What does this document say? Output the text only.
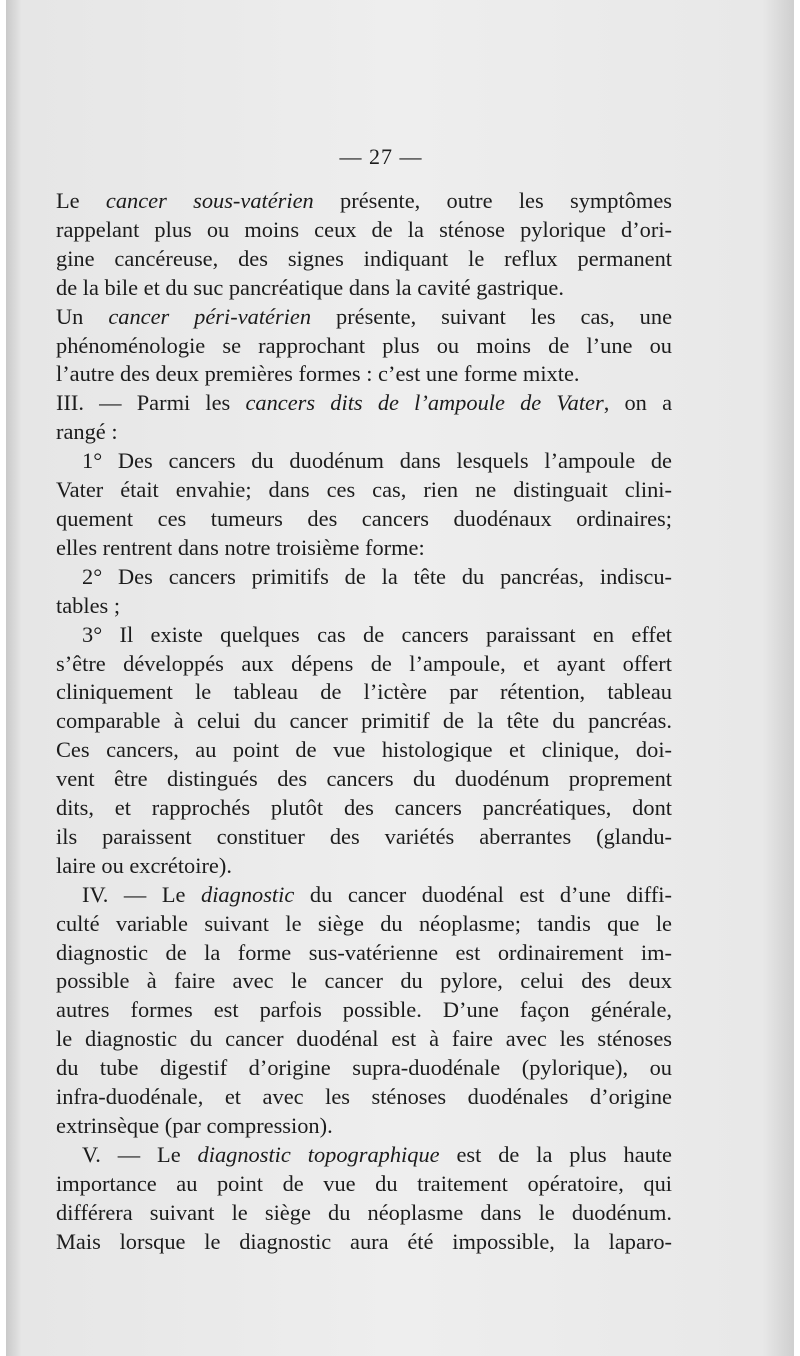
— 27 —

Le cancer sous-vatérien présente, outre les symptômes

rappelant plus ou moins ceux de la sténose pylorique d’ori-

gine cancéreuse, des signes indiquant le reflux permanent

de la bile et du suc pancréatique dans la cavité gastrique.

Un cancer péri-vatérien présente, suivant les cas, une

phénoménologie se rapprochant plus ou moins de l’une ou

l’autre des deux premières formes : c’est une forme mixte.

III. — Parmi les cancers dits de l’ampoule de Vater, on a

rangé :

1° Des cancers du duodénum dans lesquels l’ampoule de

Vater était envahie; dans ces cas, rien ne distinguait clini-

quement ces tumeurs des cancers duodénaux ordinaires;

elles rentrent dans notre troisième forme:

2° Des cancers primitifs de la tête du pancréas, indiscu-

tables ;

3° Il existe quelques cas de cancers paraissant en effet

s’être développés aux dépens de l’ampoule, et ayant offert

cliniquement le tableau de l’ictère par rétention, tableau

comparable à celui du cancer primitif de la tête du pancréas.

Ces cancers, au point de vue histologique et clinique, doi-

vent être distingués des cancers du duodénum proprement

dits, et rapprochés plutôt des cancers pancréatiques, dont

ils paraissent constituer des variétés aberrantes (glandu-

laire ou excrétoire).

IV. — Le diagnostic du cancer duodénal est d’une diffi-

culté variable suivant le siège du néoplasme; tandis que le

diagnostic de la forme sus-vatérienne est ordinairement im-

possible à faire avec le cancer du pylore, celui des deux

autres formes est parfois possible. D’une façon générale,

le diagnostic du cancer duodénal est à faire avec les sténoses

du tube digestif d’origine supra-duodénale (pylorique), ou

infra-duodénale, et avec les sténoses duodénales d’origine

extrinsèque (par compression).

V. — Le diagnostic topographique est de la plus haute

importance au point de vue du traitement opératoire, qui

différera suivant le siège du néoplasme dans le duodénum.

Mais lorsque le diagnostic aura été impossible, la laparo-
